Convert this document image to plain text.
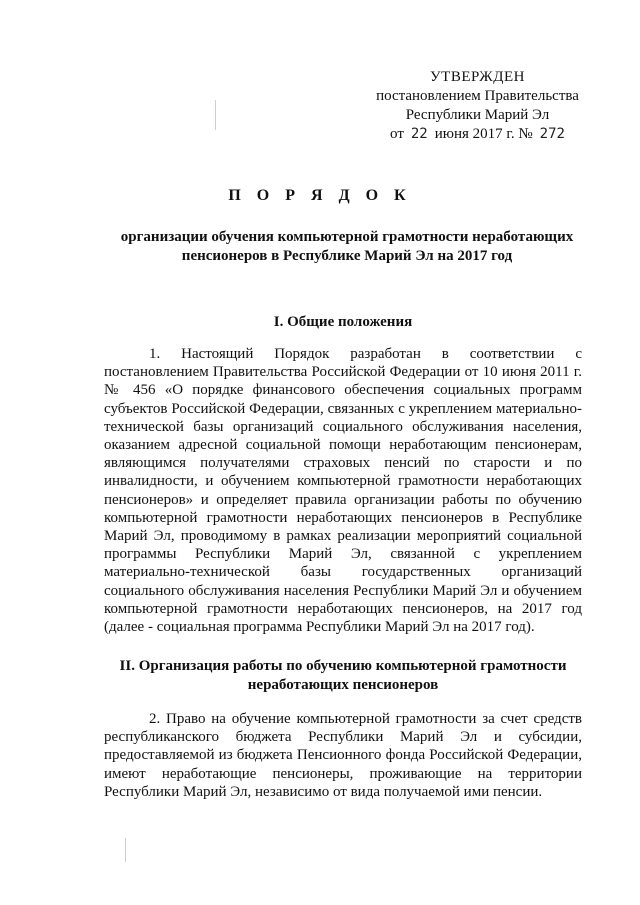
УТВЕРЖДЕН
постановлением Правительства
Республики Марий Эл
от 22 июня 2017 г. № 272
П О Р Я Д О К
организации обучения компьютерной грамотности неработающих пенсионеров в Республике Марий Эл на 2017 год
I. Общие положения
1. Настоящий Порядок разработан в соответствии с постановлением Правительства Российской Федерации от 10 июня 2011 г. № 456 «О порядке финансового обеспечения социальных программ субъектов Российской Федерации, связанных с укреплением материально-технической базы организаций социального обслуживания населения, оказанием адресной социальной помощи неработающим пенсионерам, являющимся получателями страховых пенсий по старости и по инвалидности, и обучением компьютерной грамотности неработающих пенсионеров» и определяет правила организации работы по обучению компьютерной грамотности неработающих пенсионеров в Республике Марий Эл, проводимому в рамках реализации мероприятий социальной программы Республики Марий Эл, связанной с укреплением материально-технической базы государственных организаций социального обслуживания населения Республики Марий Эл и обучением компьютерной грамотности неработающих пенсионеров, на 2017 год (далее - социальная программа Республики Марий Эл на 2017 год).
II. Организация работы по обучению компьютерной грамотности неработающих пенсионеров
2. Право на обучение компьютерной грамотности за счет средств республиканского бюджета Республики Марий Эл и субсидии, предоставляемой из бюджета Пенсионного фонда Российской Федерации, имеют неработающие пенсионеры, проживающие на территории Республики Марий Эл, независимо от вида получаемой ими пенсии.
